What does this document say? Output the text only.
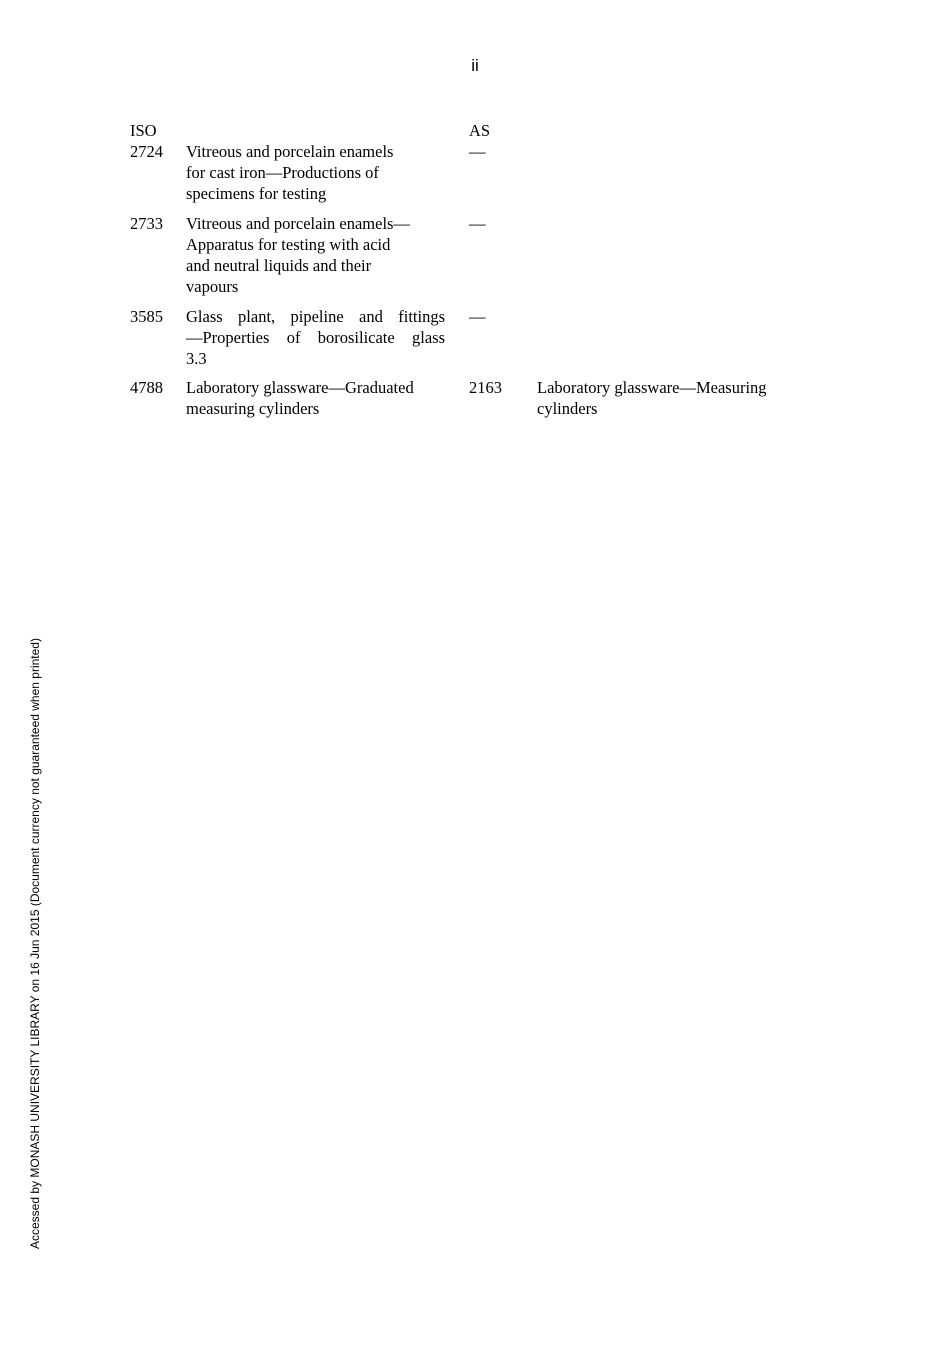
ii
Accessed by MONASH UNIVERSITY LIBRARY on 16 Jun 2015 (Document currency not guaranteed when printed)
ISO	AS
2724 Vitreous and porcelain enamels
for cast iron—Productions of
specimens for testing
—
2733 Vitreous and porcelain enamels—
Apparatus for testing with acid
and neutral liquids and their
vapours
—
3585 Glass plant, pipeline and fittings
—Properties of borosilicate glass
3.3
—
4788 Laboratory glassware—Graduated
measuring cylinders
2163 Laboratory glassware—Measuring
cylinders
